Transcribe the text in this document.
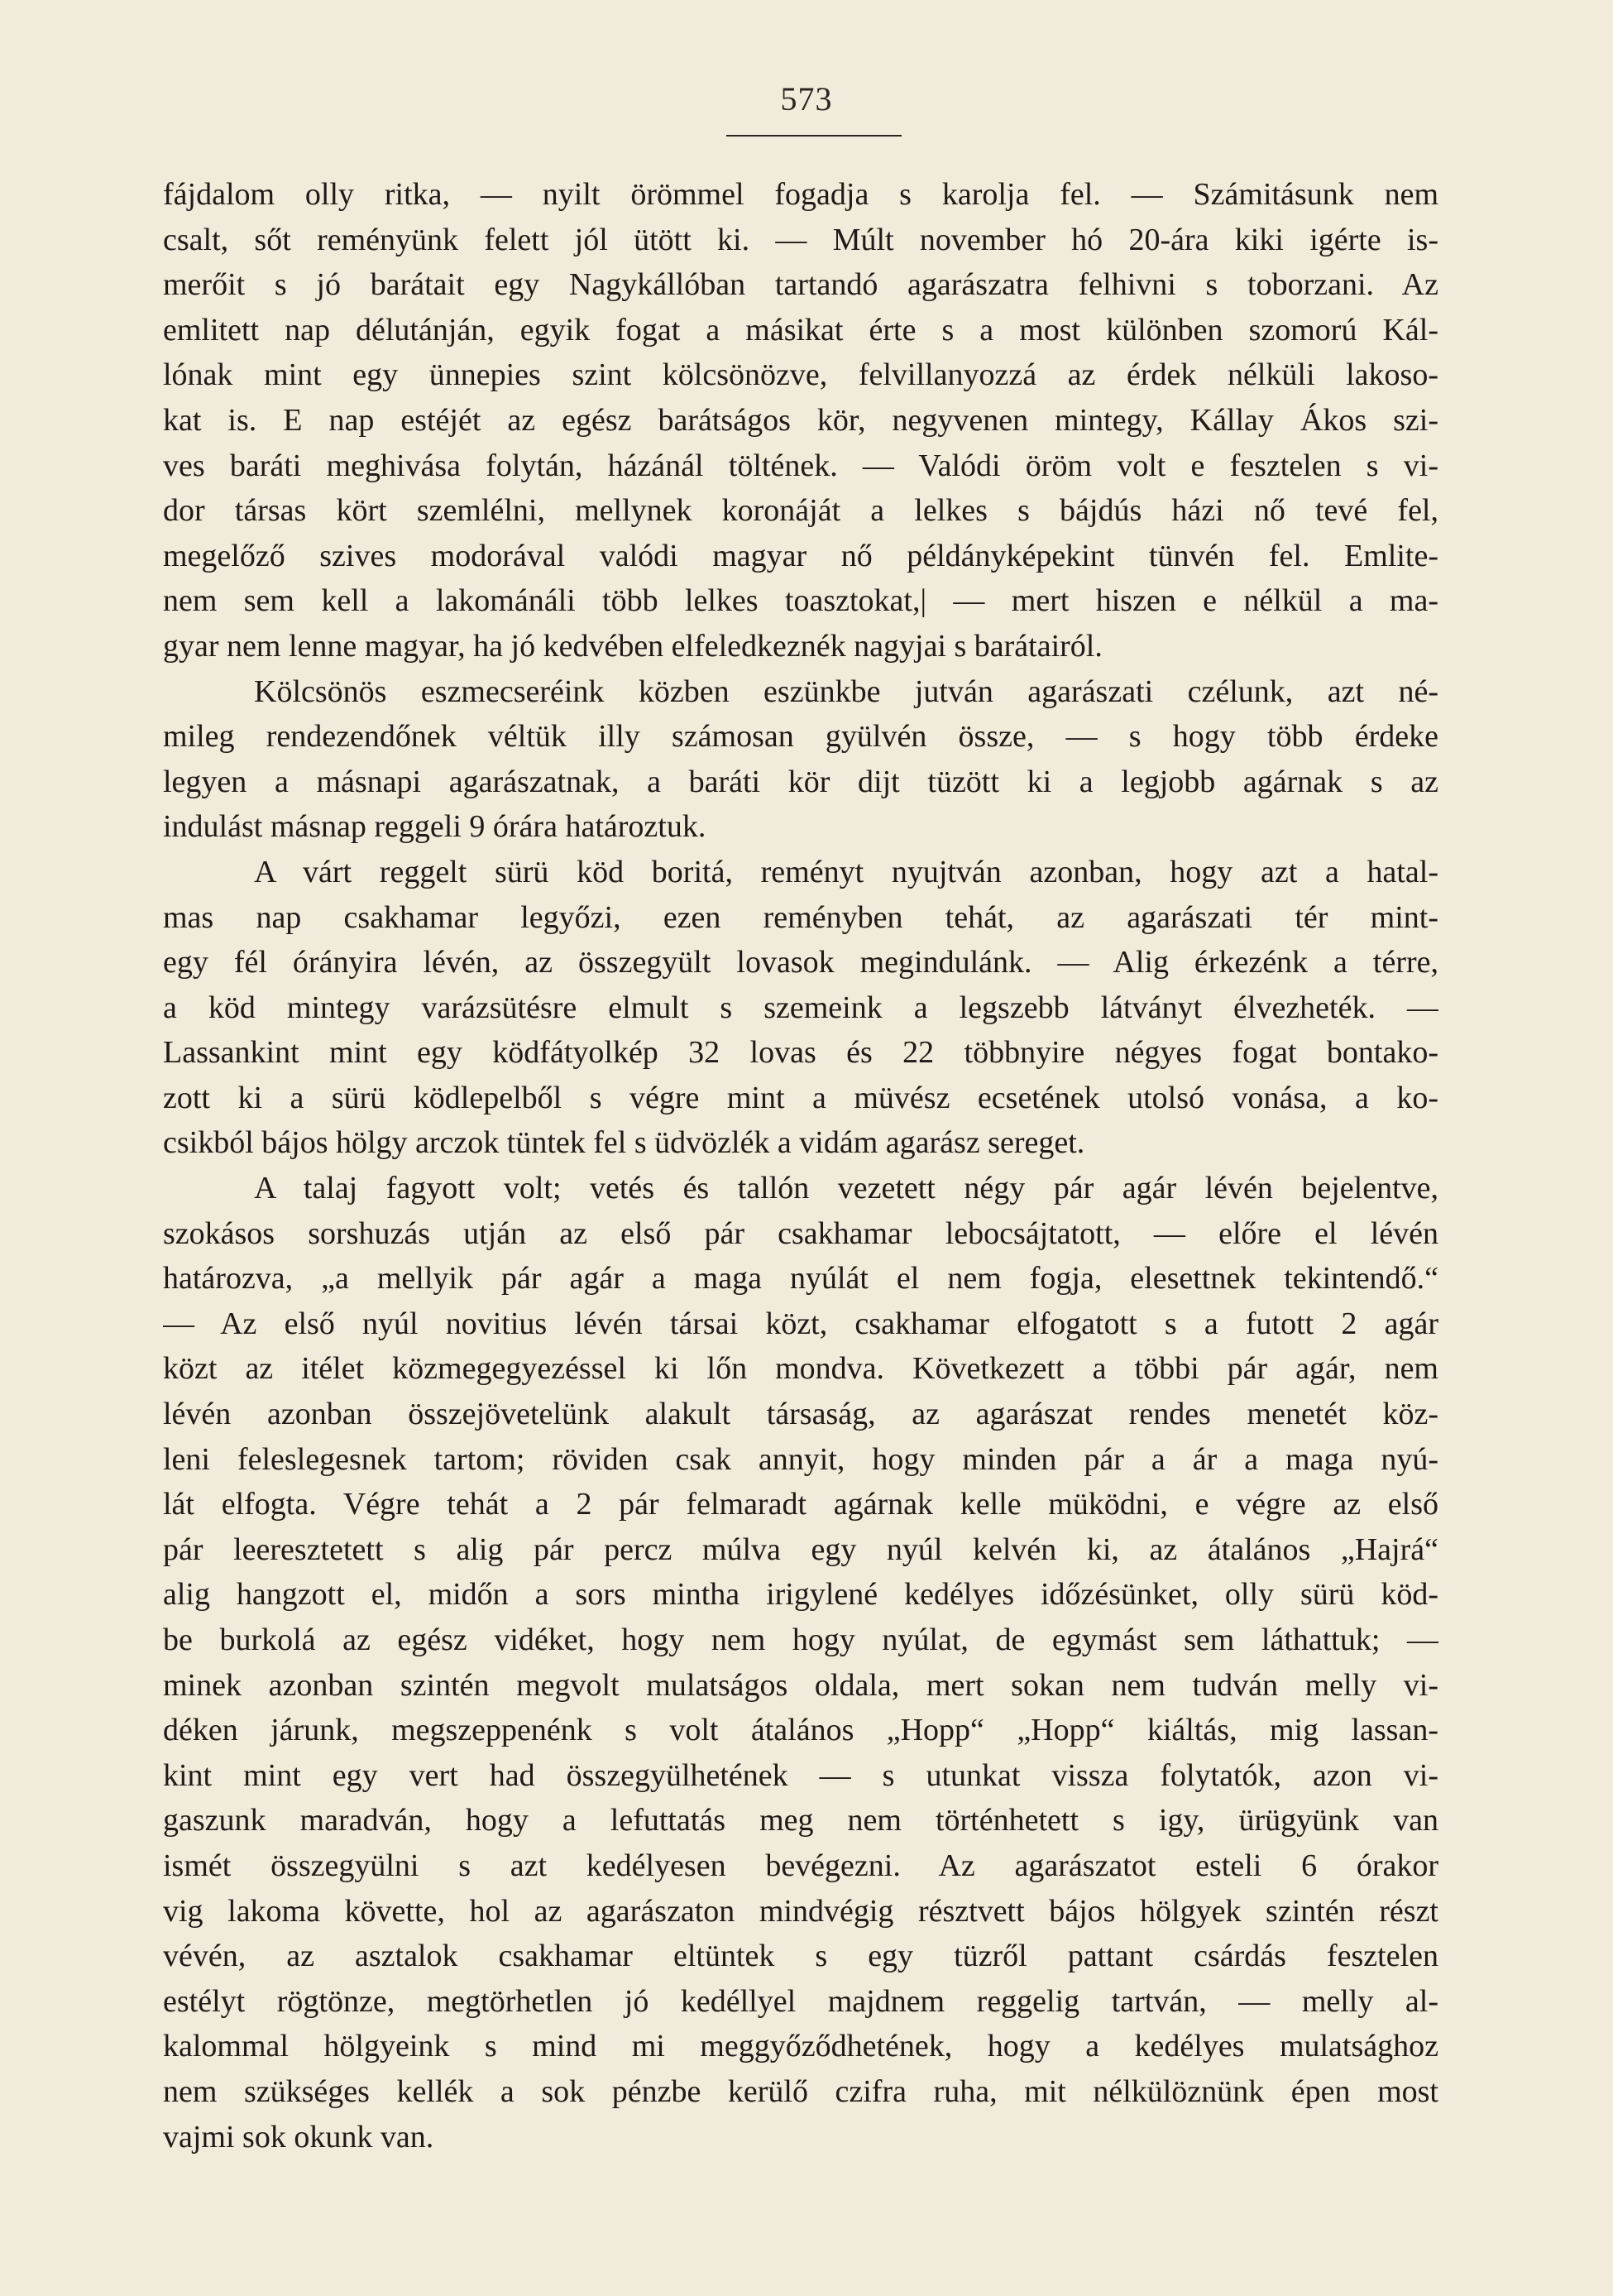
573
fájdalom olly ritka, — nyilt örömmel fogadja s karolja fel. — Számitásunk nem
csalt, sőt reményünk felett jól ütött ki. — Múlt november hó 20-ára kiki igérte is-
merőit s jó barátait egy Nagykállóban tartandó agarászatra felhivni s toborzani. Az
emlitett nap délutánján, egyik fogat a másikat érte s a most különben szomorú Kál-
lónak mint egy ünnepies szint kölcsönözve, felvillanyozzá az érdek nélküli lakoso-
kat is. E nap estéjét az egész barátságos kör, negyvenen mintegy, Kállay Ákos szi-
ves baráti meghivása folytán, házánál töltének. — Valódi öröm volt e fesztelen s vi-
dor társas kört szemlélni, mellynek koronáját a lelkes s bájdús házi nő tevé fel,
megelőző szives modorával valódi magyar nő példányképekint tünvén fel. Emlite-
nem sem kell a lakománáli több lelkes toasztokat,| — mert hiszen e nélkül a ma-
gyar nem lenne magyar, ha jó kedvében elfeledkeznék nagyjai s barátairól.
Kölcsönös eszmecseréink közben eszünkbe jutván agarászati czélunk, azt né-
mileg rendezendőnek véltük illy számosan gyülvén össze, — s hogy több érdeke
legyen a másnapi agarászatnak, a baráti kör dijt tüzött ki a legjobb agárnak s az
indulást másnap reggeli 9 órára határoztuk.
A várt reggelt sürü köd boritá, reményt nyujtván azonban, hogy azt a hatal-
mas nap csakhamar legyőzi, ezen reményben tehát, az agarászati tér mint-
egy fél órányira lévén, az összegyült lovasok megindulánk. — Alig érkezénk a térre,
a köd mintegy varázsütésre elmult s szemeink a legszebb látványt élvezheték. —
Lassankint mint egy ködfátyolkép 32 lovas és 22 többnyire négyes fogat bontako-
zott ki a sürü ködlepelből s végre mint a müvész ecsetének utolsó vonása, a ko-
csikból bájos hölgy arczok tüntek fel s üdvözlék a vidám agarász sereget.
A talaj fagyott volt; vetés és tallón vezetett négy pár agár lévén bejelentve,
szokásos sorshuzás utján az első pár csakhamar lebocsájtatott, — előre el lévén
határozva, „a mellyik pár agár a maga nyúlát el nem fogja, elesettnek tekintendő.“
— Az első nyúl novitius lévén társai közt, csakhamar elfogatott s a futott 2 agár
közt az itélet közmegegyezéssel ki lőn mondva. Következett a többi pár agár, nem
lévén azonban összejövetelünk alakult társaság, az agarászat rendes menetét köz-
leni feleslegesnek tartom; röviden csak annyit, hogy minden pár a ár a maga nyú-
lát elfogta. Végre tehát a 2 pár felmaradt agárnak kelle müködni, e végre az első
pár leeresztetett s alig pár percz múlva egy nyúl kelvén ki, az átalános „Hajrá“
alig hangzott el, midőn a sors mintha irigylené kedélyes időzésünket, olly sürü köd-
be burkolá az egész vidéket, hogy nem hogy nyúlat, de egymást sem láthattuk; —
minek azonban szintén megvolt mulatságos oldala, mert sokan nem tudván melly vi-
déken járunk, megszeppenénk s volt átalános „Hopp“ „Hopp“ kiáltás, mig lassan-
kint mint egy vert had összegyülhetének — s utunkat vissza folytatók, azon vi-
gaszunk maradván, hogy a lefuttatás meg nem történhetett s igy, ürügyünk van
ismét összegyülni s azt kedélyesen bevégezni. Az agarászatot esteli 6 órakor
vig lakoma követte, hol az agarászaton mindvégig résztvett bájos hölgyek szintén részt
vévén, az asztalok csakhamar eltüntek s egy tüzről pattant csárdás fesztelen
estélyt rögtönze, megtörhetlen jó kedéllyel majdnem reggelig tartván, — melly al-
kalommal hölgyeink s mind mi meggyőződhetének, hogy a kedélyes mulatsághoz
nem szükséges kellék a sok pénzbe kerülő czifra ruha, mit nélkülöznünk épen most
vajmi sok okunk van.
